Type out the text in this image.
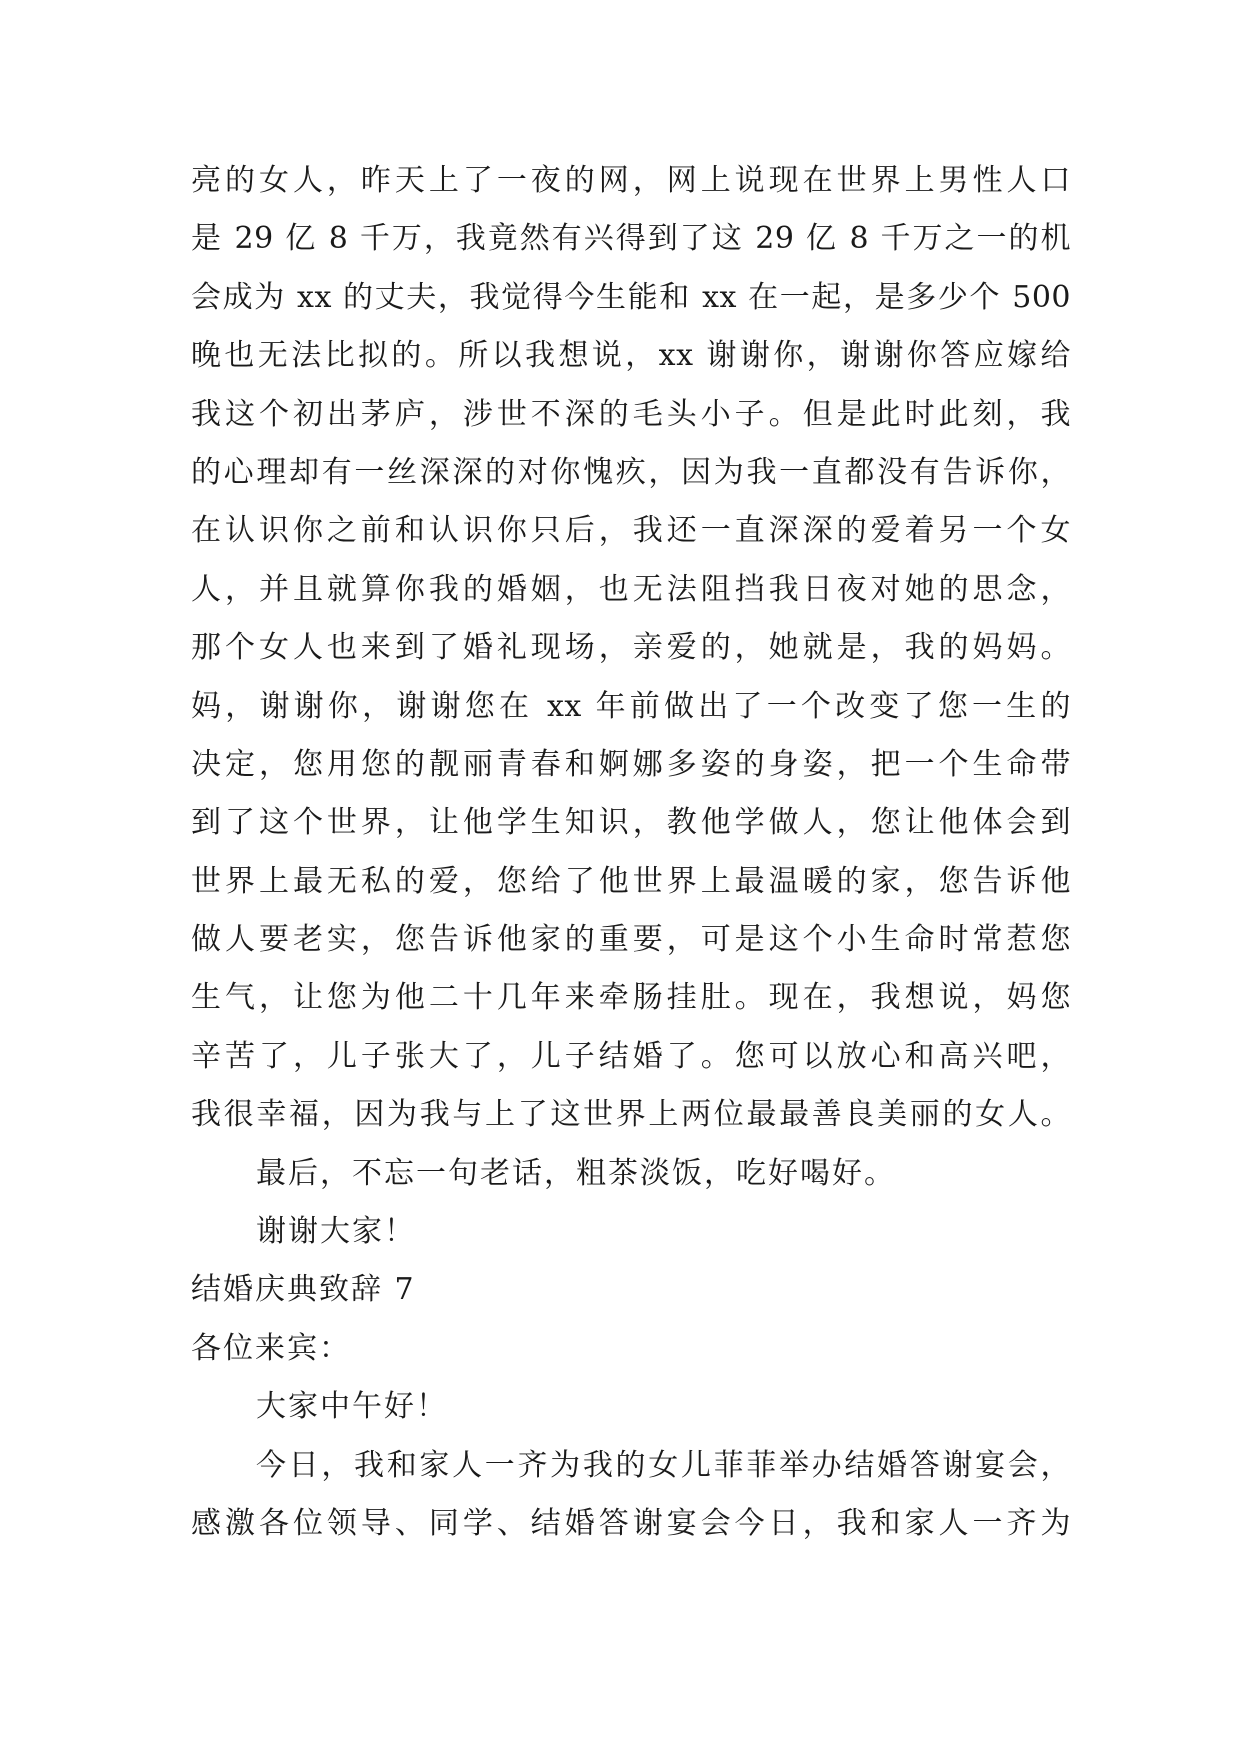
亮的女人，昨天上了一夜的网，网上说现在世界上男性人口
是 29 亿 8 千万，我竟然有兴得到了这 29 亿 8 千万之一的机
会成为 xx 的丈夫，我觉得今生能和 xx 在一起，是多少个 500
晚也无法比拟的。所以我想说，xx 谢谢你，谢谢你答应嫁给
我这个初出茅庐，涉世不深的毛头小子。但是此时此刻，我
的心理却有一丝深深的对你愧疚，因为我一直都没有告诉你，
在认识你之前和认识你只后，我还一直深深的爱着另一个女
人，并且就算你我的婚姻，也无法阻挡我日夜对她的思念，
那个女人也来到了婚礼现场，亲爱的，她就是，我的妈妈。
妈，谢谢你，谢谢您在 xx 年前做出了一个改变了您一生的
决定，您用您的靓丽青春和婀娜多姿的身姿，把一个生命带
到了这个世界，让他学生知识，教他学做人，您让他体会到
世界上最无私的爱，您给了他世界上最温暖的家，您告诉他
做人要老实，您告诉他家的重要，可是这个小生命时常惹您
生气，让您为他二十几年来牵肠挂肚。现在，我想说，妈您
辛苦了，儿子张大了，儿子结婚了。您可以放心和高兴吧，
我很幸福，因为我与上了这世界上两位最最善良美丽的女人。
最后，不忘一句老话，粗茶淡饭，吃好喝好。
谢谢大家！
结婚庆典致辞 7
各位来宾：
大家中午好！
今日，我和家人一齐为我的女儿菲菲举办结婚答谢宴会，
感激各位领导、同学、结婚答谢宴会今日，我和家人一齐为
